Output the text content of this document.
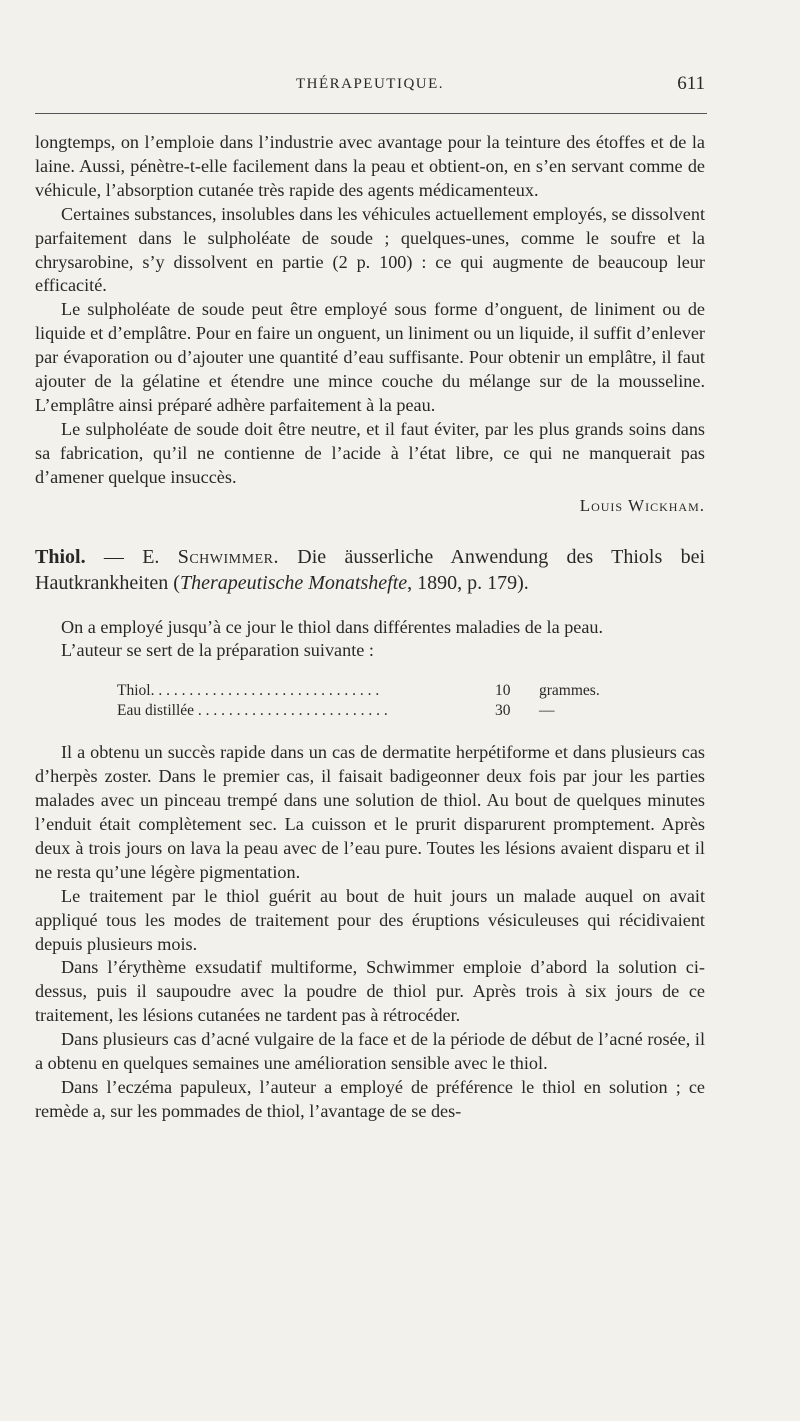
THÉRAPEUTIQUE.	611

longtemps, on l’emploie dans l’industrie avec avantage pour la teinture des étoffes et de la laine. Aussi, pénètre-t-elle facilement dans la peau et obtient-on, en s’en servant comme de véhicule, l’absorption cutanée très rapide des agents médicamenteux.

Certaines substances, insolubles dans les véhicules actuellement employés, se dissolvent parfaitement dans le sulpholéate de soude ; quelques-unes, comme le soufre et la chrysarobine, s’y dissolvent en partie (2 p. 100) : ce qui augmente de beaucoup leur efficacité.

Le sulpholéate de soude peut être employé sous forme d’onguent, de liniment ou de liquide et d’emplâtre. Pour en faire un onguent, un liniment ou un liquide, il suffit d’enlever par évaporation ou d’ajouter une quantité d’eau suffisante. Pour obtenir un emplâtre, il faut ajouter de la gélatine et étendre une mince couche du mélange sur de la mousseline. L’emplâtre ainsi préparé adhère parfaitement à la peau.

Le sulpholéate de soude doit être neutre, et il faut éviter, par les plus grands soins dans sa fabrication, qu’il ne contienne de l’acide à l’état libre, ce qui ne manquerait pas d’amener quelque insuccès.

Louis Wickham.
Thiol. — E. Schwimmer. Die äusserliche Anwendung des Thiols bei Hautkrankheiten (Therapeutische Monatshefte, 1890, p. 179).

On a employé jusqu’à ce jour le thiol dans différentes maladies de la peau.

L’auteur se sert de la préparation suivante :

Thiol. . . . . . . . . . . . . . . . . . . . . . . . . . . . . .	10	grammes.
Eau distillée . . . . . . . . . . . . . . . . . . . . . . . . .	30	—

Il a obtenu un succès rapide dans un cas de dermatite herpétiforme et dans plusieurs cas d’herpès zoster. Dans le premier cas, il faisait badigeonner deux fois par jour les parties malades avec un pinceau trempé dans une solution de thiol. Au bout de quelques minutes l’enduit était complètement sec. La cuisson et le prurit disparurent promptement. Après deux à trois jours on lava la peau avec de l’eau pure. Toutes les lésions avaient disparu et il ne resta qu’une légère pigmentation.

Le traitement par le thiol guérit au bout de huit jours un malade auquel on avait appliqué tous les modes de traitement pour des éruptions vésiculeuses qui récidivaient depuis plusieurs mois.

Dans l’érythème exsudatif multiforme, Schwimmer emploie d’abord la solution ci-dessus, puis il saupoudre avec la poudre de thiol pur. Après trois à six jours de ce traitement, les lésions cutanées ne tardent pas à rétrocéder.

Dans plusieurs cas d’acné vulgaire de la face et de la période de début de l’acné rosée, il a obtenu en quelques semaines une amélioration sensible avec le thiol.

Dans l’eczéma papuleux, l’auteur a employé de préférence le thiol en solution ; ce remède a, sur les pommades de thiol, l’avantage de se des-
